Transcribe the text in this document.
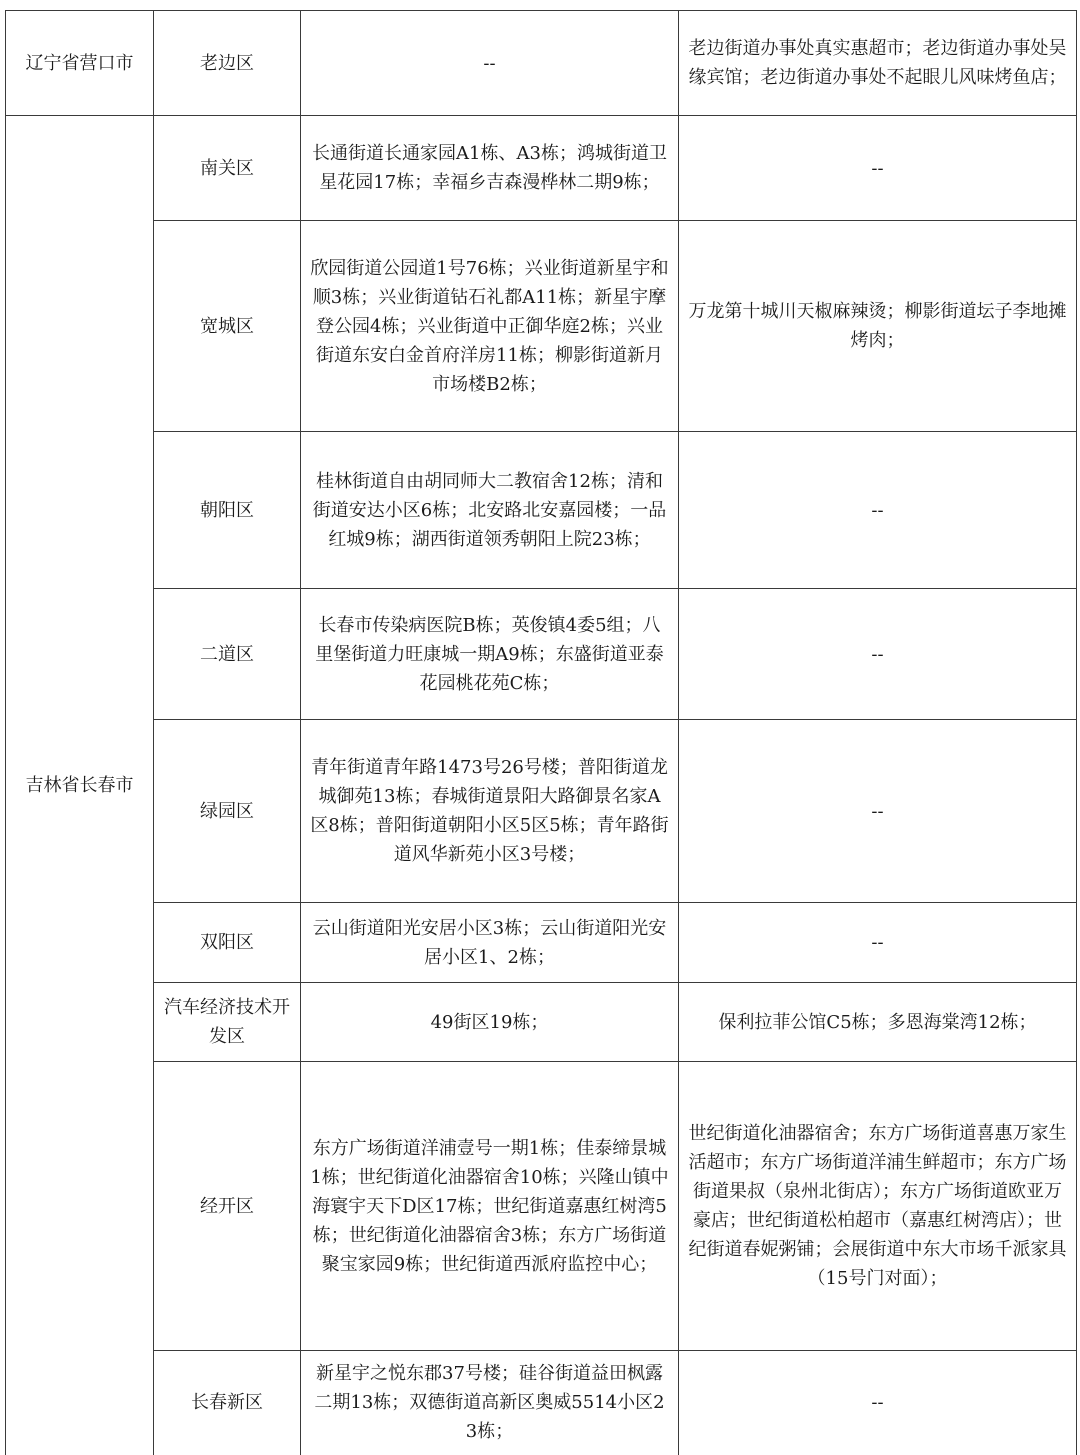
辽宁省营口市	老边区	--	老边街道办事处真实惠超市；老边街道办事处吴缘宾馆；老边街道办事处不起眼儿风味烤鱼店；

吉林省长春市	南关区	长通街道长通家园A1栋、A3栋；鸿城街道卫星花园17栋；幸福乡吉森漫桦林二期9栋；	--

	宽城区	欣园街道公园道1号76栋；兴业街道新星宇和顺3栋；兴业街道钻石礼都A11栋；新星宇摩登公园4栋；兴业街道中正御华庭2栋；兴业街道东安白金首府洋房11栋；柳影街道新月市场楼B2栋；	万龙第十城川天椒麻辣烫；柳影街道坛子李地摊烤肉；

	朝阳区	桂林街道自由胡同师大二教宿舍12栋；清和街道安达小区6栋；北安路北安嘉园楼；一品红城9栋；湖西街道领秀朝阳上院23栋；	--

	二道区	长春市传染病医院B栋；英俊镇4委5组；八里堡街道力旺康城一期A9栋；东盛街道亚泰花园桃花苑C栋；	--

	绿园区	青年街道青年路1473号26号楼；普阳街道龙城御苑13栋；春城街道景阳大路御景名家A区8栋；普阳街道朝阳小区5区5栋；青年路街道风华新苑小区3号楼；	--

	双阳区	云山街道阳光安居小区3栋；云山街道阳光安居小区1、2栋；	--

	汽车经济技术开发区	49街区19栋；	保利拉菲公馆C5栋；多恩海棠湾12栋；

	经开区	东方广场街道洋浦壹号一期1栋；佳泰缔景城1栋；世纪街道化油器宿舍10栋；兴隆山镇中海寰宇天下D区17栋；世纪街道嘉惠红树湾5栋；世纪街道化油器宿舍3栋；东方广场街道聚宝家园9栋；世纪街道西派府监控中心；	世纪街道化油器宿舍；东方广场街道喜惠万家生活超市；东方广场街道洋浦生鲜超市；东方广场街道果叔（泉州北街店）；东方广场街道欧亚万豪店；世纪街道松柏超市（嘉惠红树湾店）；世纪街道春妮粥铺；会展街道中东大市场千派家具（15号门对面）；

	长春新区	新星宇之悦东郡37号楼；硅谷街道益田枫露二期13栋；双德街道高新区奥威5514小区23栋；	--
